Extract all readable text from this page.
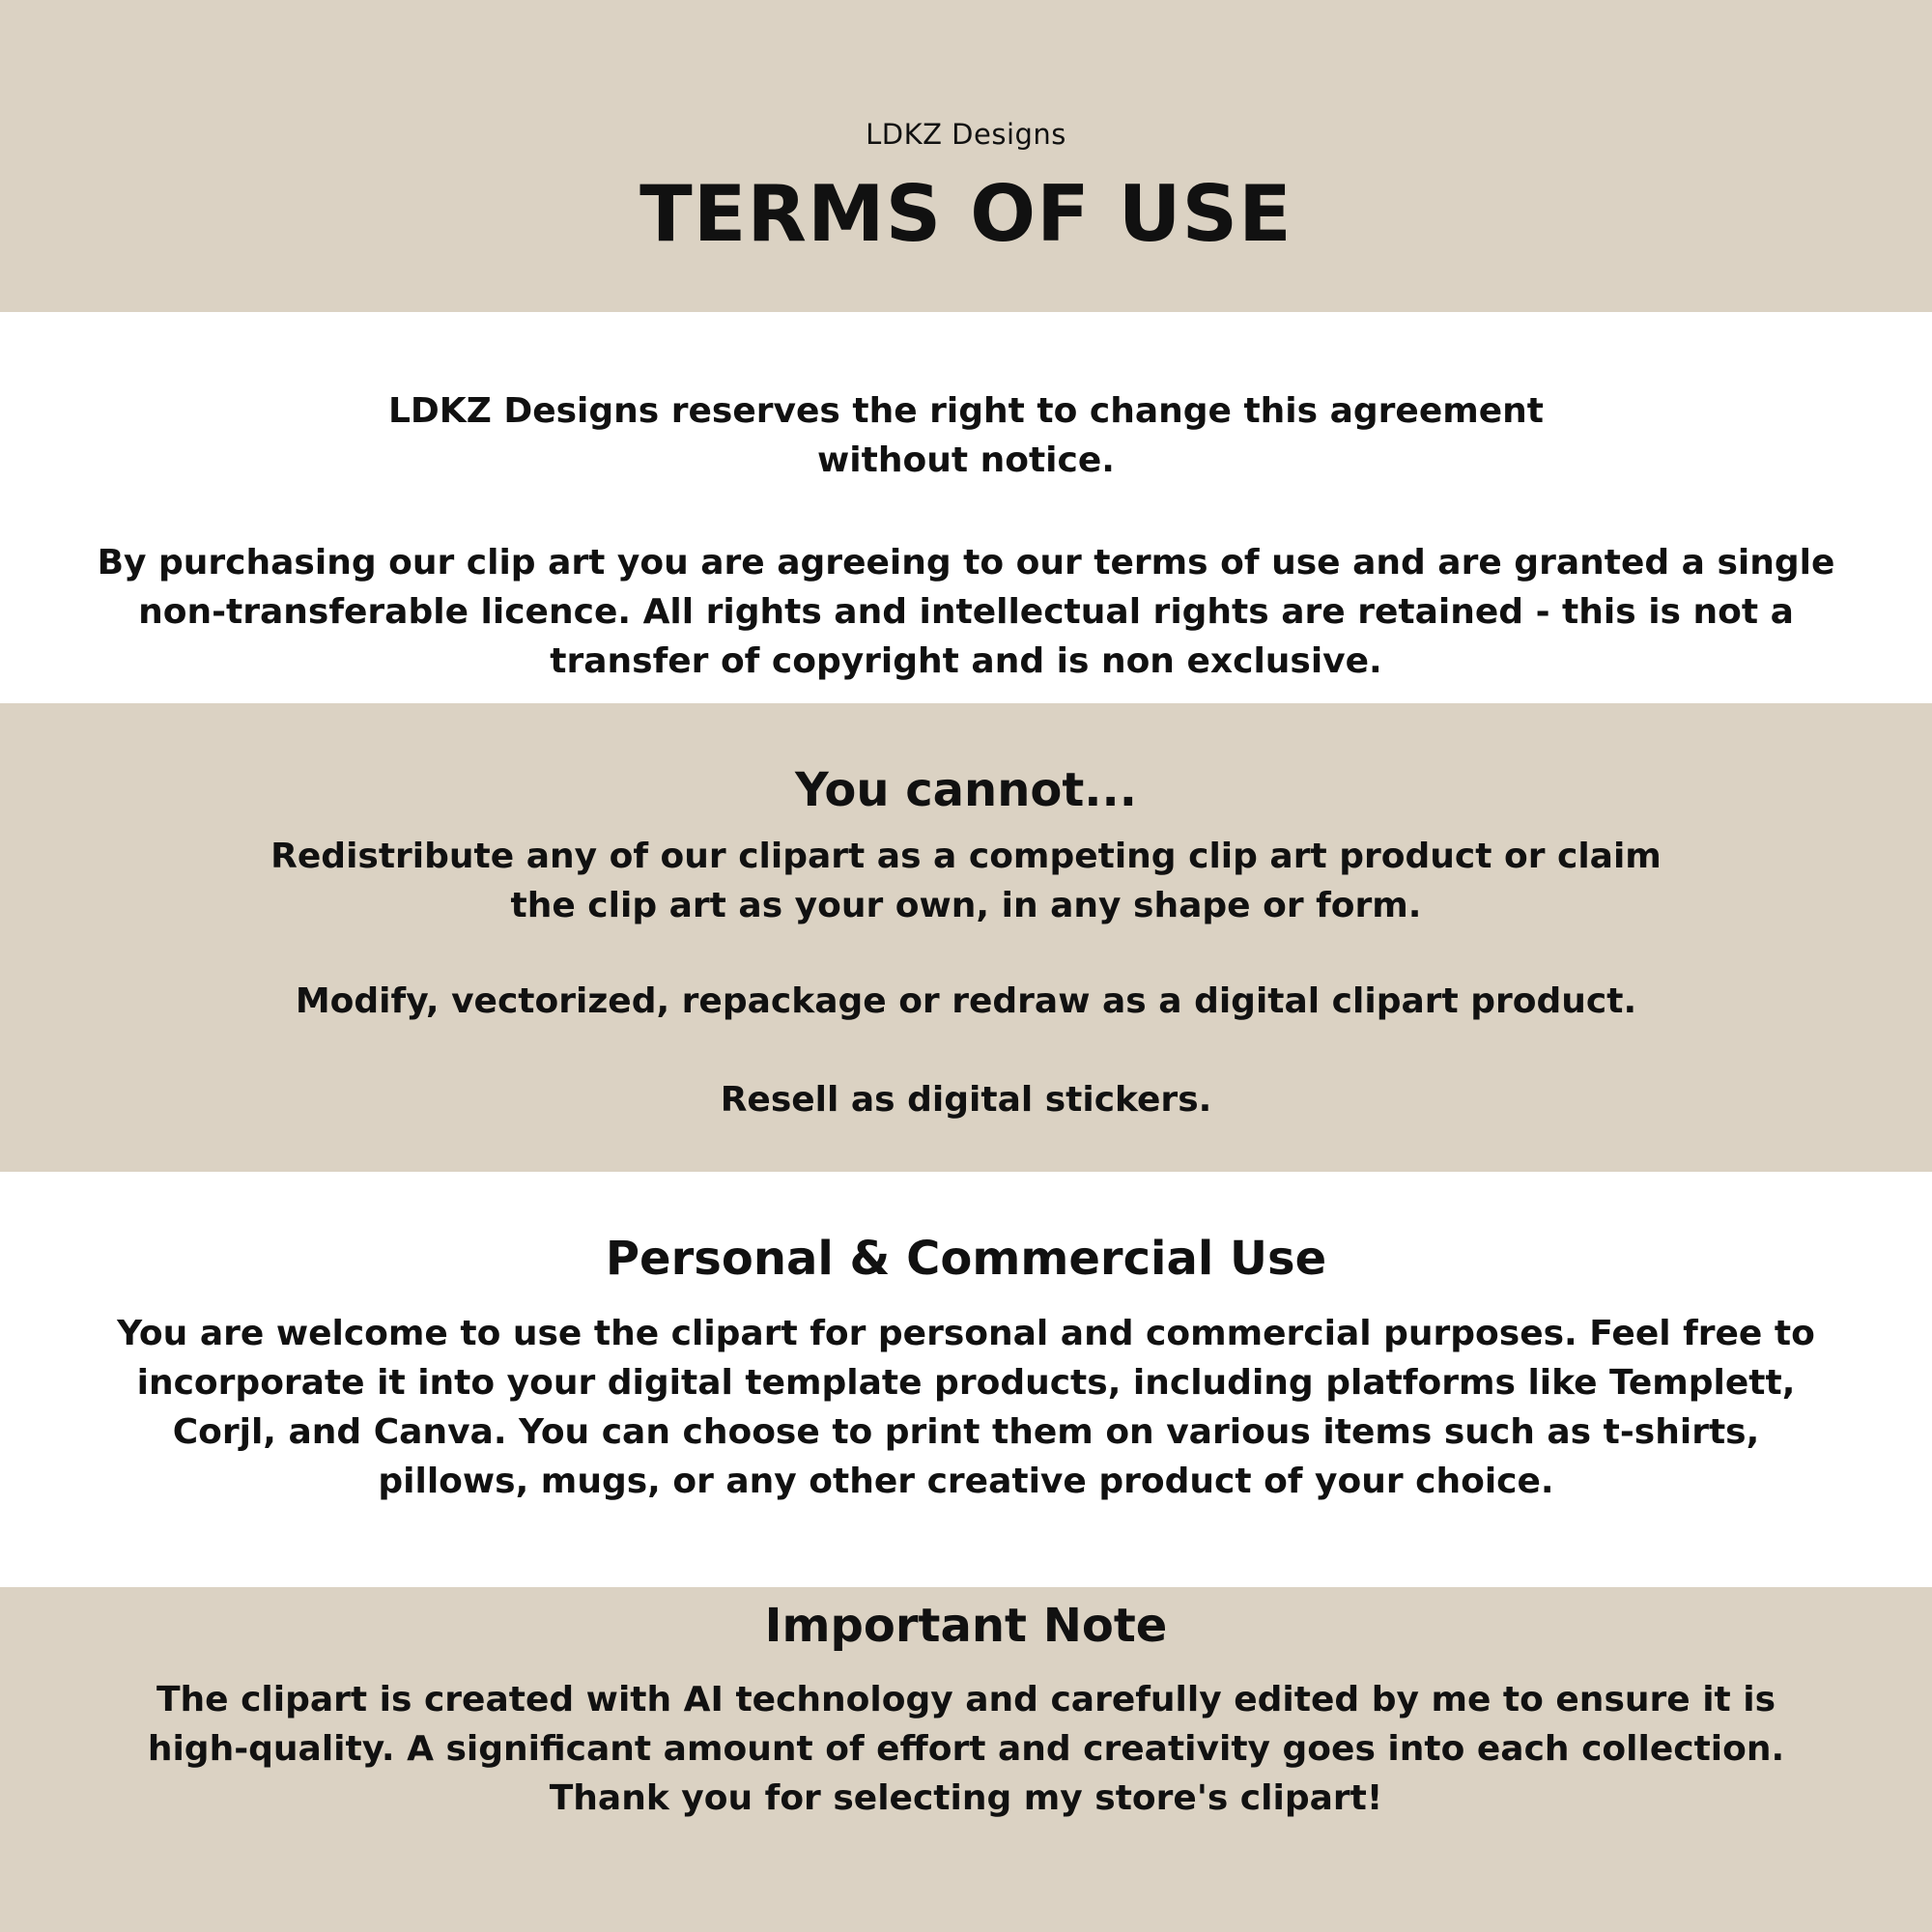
LDKZ Designs
TERMS OF USE

LDKZ Designs reserves the right to change this agreement without notice.

By purchasing our clip art you are agreeing to our terms of use and are granted a single non-transferable licence. All rights and intellectual rights are retained - this is not a transfer of copyright and is non exclusive.

You cannot...

Redistribute any of our clipart as a competing clip art product or claim the clip art as your own, in any shape or form.

Modify, vectorized, repackage or redraw as a digital clipart product.

Resell as digital stickers.

Personal & Commercial Use

You are welcome to use the clipart for personal and commercial purposes. Feel free to incorporate it into your digital template products, including platforms like Templett, Corjl, and Canva. You can choose to print them on various items such as t-shirts, pillows, mugs, or any other creative product of your choice.

Important Note

The clipart is created with AI technology and carefully edited by me to ensure it is high-quality. A significant amount of effort and creativity goes into each collection. Thank you for selecting my store's clipart!
